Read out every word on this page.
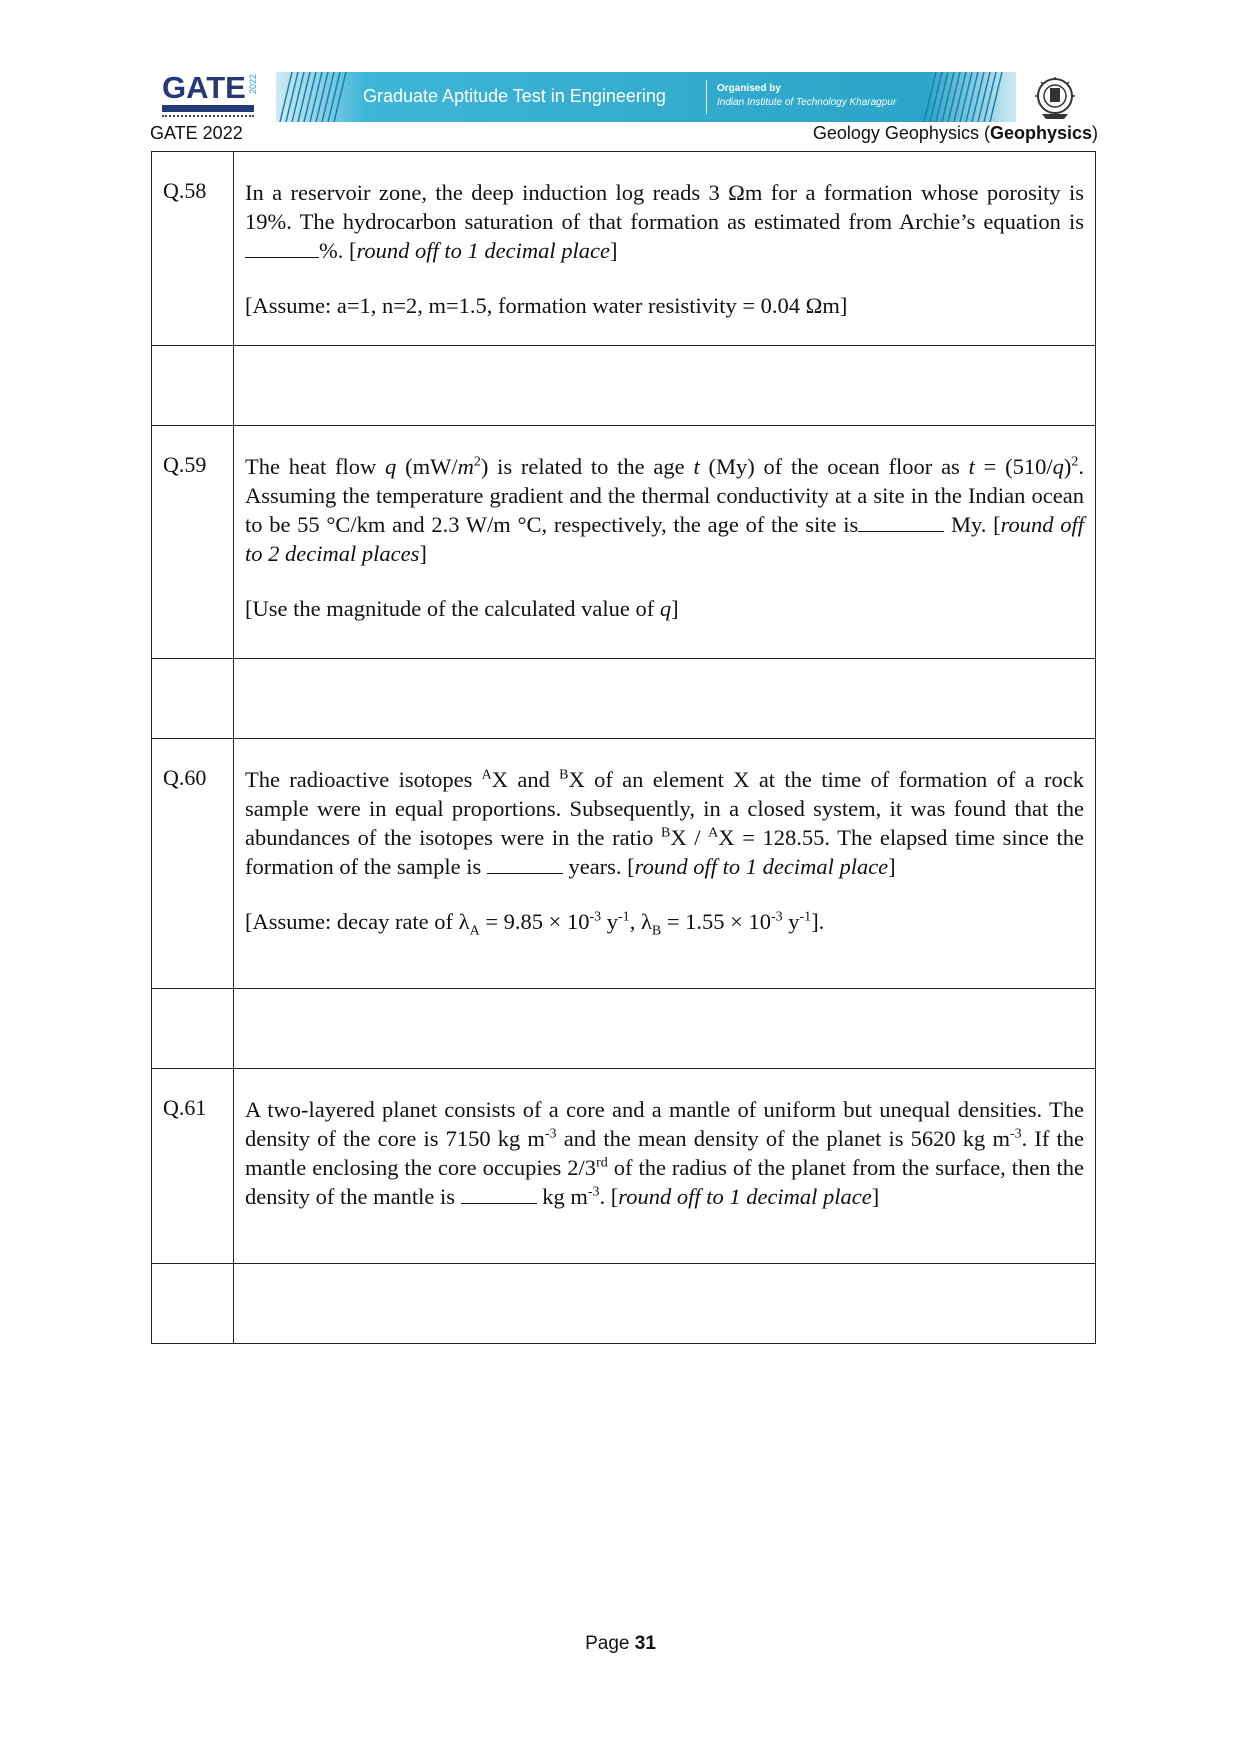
GATE 2022
Graduate Aptitude Test in Engineering	Organised by
Indian Institute of Technology Kharagpur
GATE 2022	Geology Geophysics (Geophysics)
Q.58	In a reservoir zone, the deep induction log reads 3 Ωm for a formation whose porosity is 19%. The hydrocarbon saturation of that formation as estimated from Archie’s equation is %. [round off to 1 decimal place]

[Assume: a=1, n=2, m=1.5, formation water resistivity = 0.04 Ωm]

Q.59	The heat flow q $(mW/m^2)$ is related to the age t (My) of the ocean floor as $t = (510/q)^2$. Assuming the temperature gradient and the thermal conductivity at a site in the Indian ocean to be 55 °C/km and 2.3 W/m °C, respectively, the age of the site is My. [round off to 2 decimal places]

[Use the magnitude of the calculated value of q]

Q.60	The radioactive isotopes $^A$X and $^B$X of an element X at the time of formation of a rock sample were in equal proportions. Subsequently, in a closed system, it was found that the abundances of the isotopes were in the ratio $^B$X / $^A$X = 128.55. The elapsed time since the formation of the sample is years. [round off to 1 decimal place]

[Assume: decay rate of $\lambda_A = 9.85 \times 10^{-3}$ $y^{-1}$, $\lambda_B = 1.55 \times 10^{-3}$ $y^{-1}$].

Q.61	A two-layered planet consists of a core and a mantle of uniform but unequal densities. The density of the core is 7150 kg $m^{-3}$ and the mean density of the planet is 5620 kg $m^{-3}$. If the mantle enclosing the core occupies 2/3rd of the radius of the planet from the surface, then the density of the mantle is kg $m^{-3}$. [round off to 1 decimal place]

Page 31
